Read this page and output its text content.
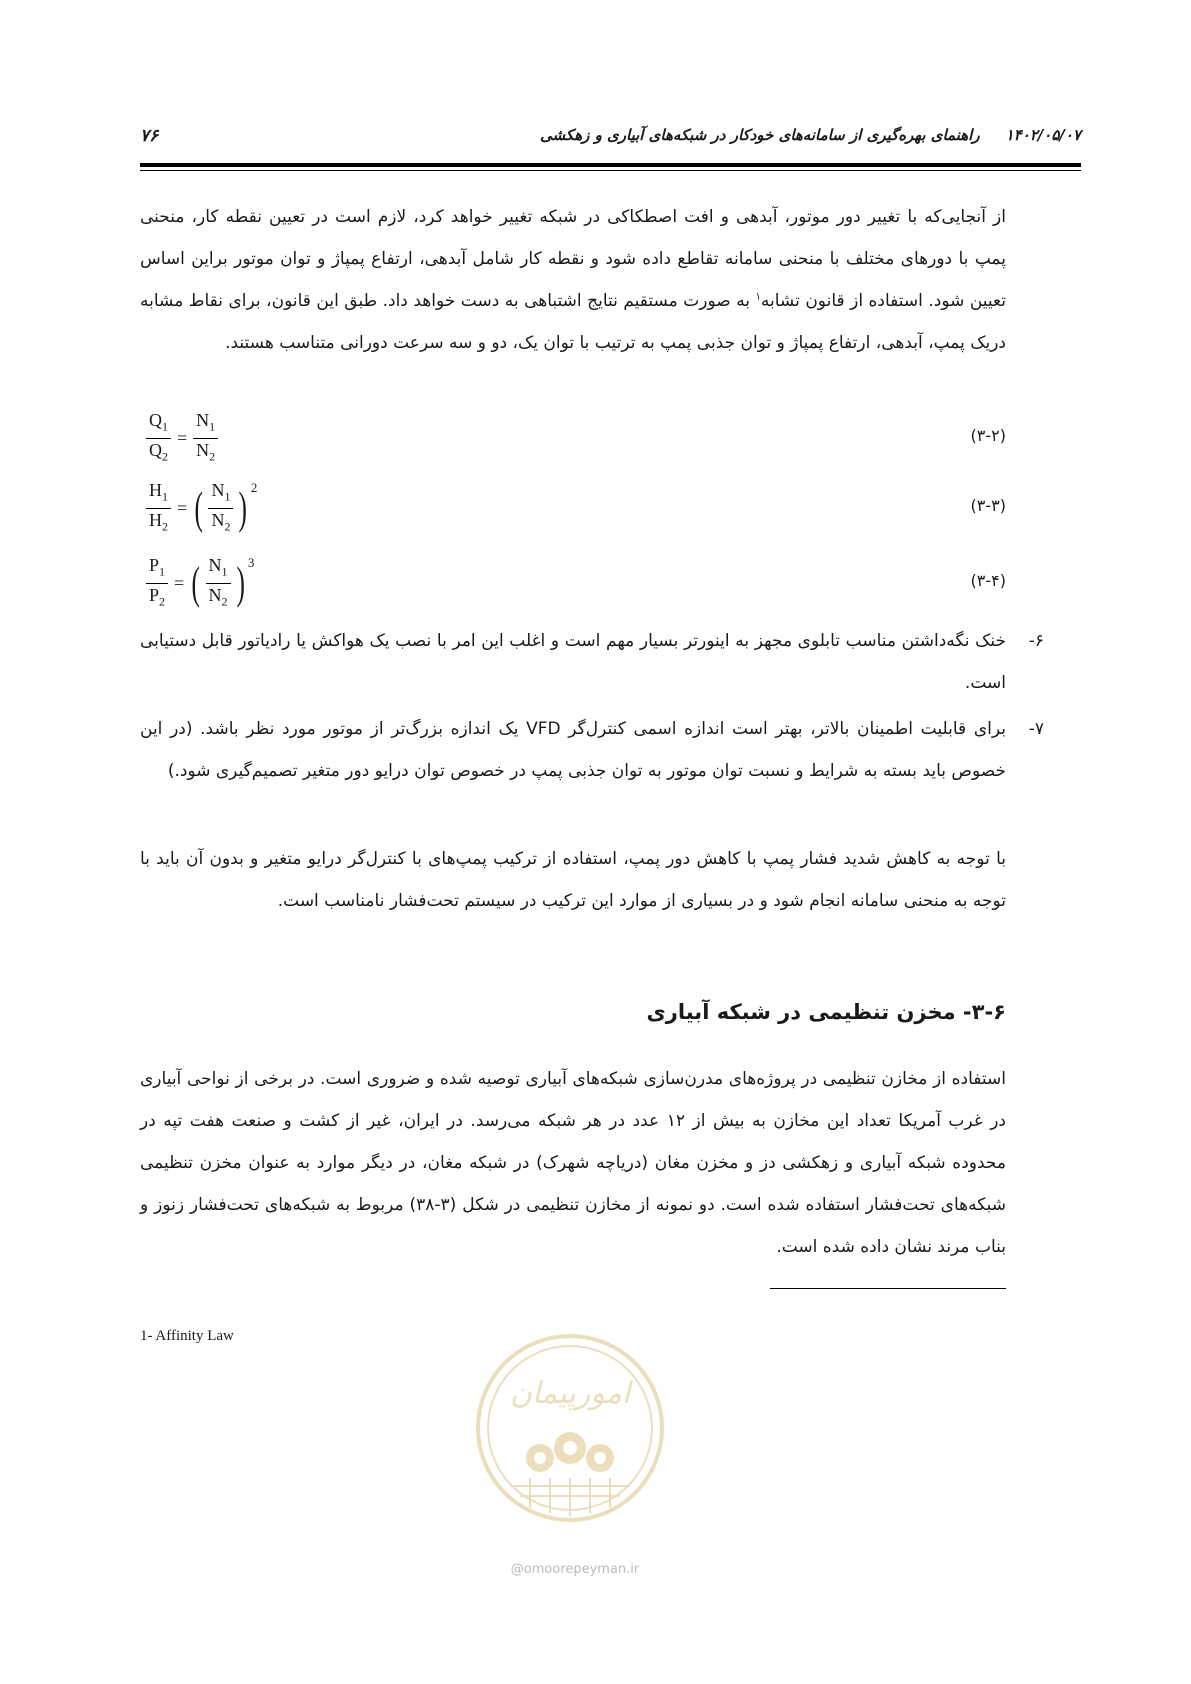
۷۶	۱۴۰۲/۰۵/۰۷راهنمای بهره‌گیری از سامانه‌های خودکار در شبکه‌های آبیاری و زهکشی
از آنجایی‌که با تغییر دور موتور، آبدهی و افت اصطکاکی در شبکه تغییر خواهد کرد، لازم است در تعیین نقطه کار، منحنی پمپ با دورهای مختلف با منحنی سامانه تقاطع داده شود و نقطه کار شامل آبدهی، ارتفاع پمپاژ و توان موتور براین اساس تعیین شود. استفاده از قانون تشابه$^۱$ به صورت مستقیم نتایج اشتباهی به دست خواهد داد. طبق این قانون، برای نقاط مشابه دریک پمپ، آبدهی، ارتفاع پمپاژ و توان جذبی پمپ به ترتیب با توان یک، دو و سه سرعت دورانی متناسب هستند.
$\frac{Q_1}{Q_2} = \frac{N_1}{N_2}$	(۳-۲)
$\frac{H_1}{H_2}$ = ( $\frac{N_1}{N_2}$ ) 2
(۳-۳)
$\frac{P_1}{P_2}$ = ( $\frac{N_1}{N_2}$ ) 3
(۳-۴)
۶-
خنک نگه‌داشتن مناسب تابلوی مجهز به اینورتر بسیار مهم است و اغلب این امر با نصب یک هواکش یا رادیاتور قابل دستیابی است.
۷-
برای قابلیت اطمینان بالاتر، بهتر است اندازه اسمی کنترل‌گر VFD یک اندازه بزرگ‌تر از موتور مورد نظر باشد. (در این خصوص باید بسته به شرایط و نسبت توان موتور به توان جذبی پمپ در خصوص توان درایو دور متغیر تصمیم‌گیری شود.)
با توجه به کاهش شدید فشار پمپ با کاهش دور پمپ، استفاده از ترکیب پمپ‌های با کنترل‌گر درایو متغیر و بدون آن باید با توجه به منحنی سامانه انجام شود و در بسیاری از موارد این ترکیب در سیستم تحت‌فشار نامناسب است.
۳-۶- مخزن تنظیمی در شبکه آبیاری
استفاده از مخازن تنظیمی در پروژه‌های مدرن‌سازی شبکه‌های آبیاری توصیه شده و ضروری است. در برخی از نواحی آبیاری در غرب آمریکا تعداد این مخازن به بیش از ۱۲ عدد در هر شبکه می‌رسد. در ایران، غیر از کشت و صنعت هفت تپه در محدوده شبکه آبیاری و زهکشی دز و مخزن مغان (دریاچه شهرک) در شبکه مغان، در دیگر موارد به عنوان مخزن تنظیمی شبکه‌های تحت‌فشار استفاده شده است. دو نمونه از مخازن تنظیمی در شکل (۳-۳۸) مربوط به شبکه‌های تحت‌فشار زنوز و بناب مرند نشان داده شده است.
1- Affinity Law
امورپیمان
@omoorepeyman.ir
